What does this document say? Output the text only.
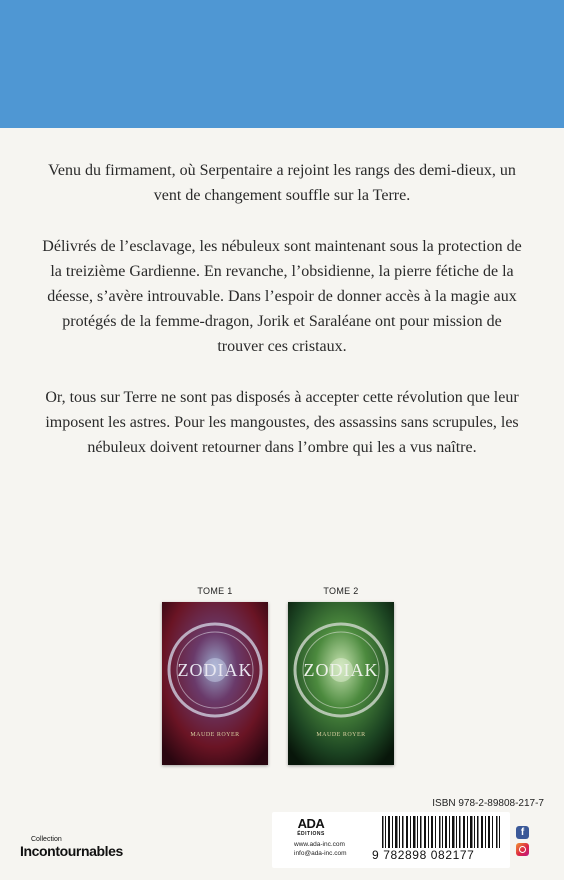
Venu du firmament, où Serpentaire a rejoint les rangs des demi-dieux, un vent de changement souffle sur la Terre.

Délivrés de l’esclavage, les nébuleux sont maintenant sous la protection de la treizième Gardienne. En revanche, l’obsidienne, la pierre fétiche de la déesse, s’avère introuvable. Dans l’espoir de donner accès à la magie aux protégés de la femme-dragon, Jorik et Saraléane ont pour mission de trouver ces cristaux.

Or, tous sur Terre ne sont pas disposés à accepter cette révolution que leur imposent les astres. Pour les mangoustes, des assassins sans scrupules, les nébuleux doivent retourner dans l’ombre qui les a vus naître.

TOME 1
ZODIAK
MAUDE ROYER
TOME 2
ZODIAK
MAUDE ROYER
ISBN 978-2-89808-217-7
Collection
Incontournables
ADA
ÉDITIONS
www.ada-inc.com
info@ada-inc.com 9 782898 082177
f
